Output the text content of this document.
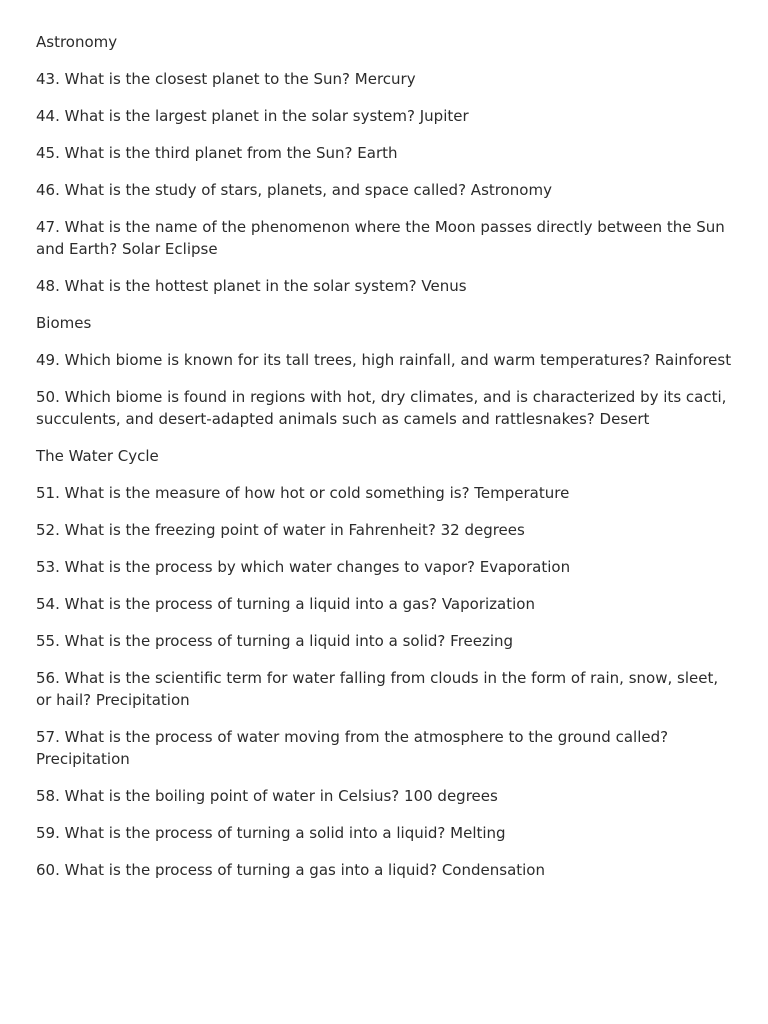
Astronomy

43. What is the closest planet to the Sun? Mercury

44. What is the largest planet in the solar system? Jupiter

45. What is the third planet from the Sun? Earth

46. What is the study of stars, planets, and space called? Astronomy

47. What is the name of the phenomenon where the Moon passes directly between the Sun and Earth? Solar Eclipse

48. What is the hottest planet in the solar system? Venus

Biomes

49. Which biome is known for its tall trees, high rainfall, and warm temperatures? Rainforest

50. Which biome is found in regions with hot, dry climates, and is characterized by its cacti, succulents, and desert-adapted animals such as camels and rattlesnakes? Desert

The Water Cycle

51. What is the measure of how hot or cold something is? Temperature

52. What is the freezing point of water in Fahrenheit? 32 degrees

53. What is the process by which water changes to vapor? Evaporation

54. What is the process of turning a liquid into a gas? Vaporization

55. What is the process of turning a liquid into a solid? Freezing

56. What is the scientific term for water falling from clouds in the form of rain, snow, sleet, or hail? Precipitation

57. What is the process of water moving from the atmosphere to the ground called? Precipitation

58. What is the boiling point of water in Celsius? 100 degrees

59. What is the process of turning a solid into a liquid? Melting

60. What is the process of turning a gas into a liquid? Condensation
